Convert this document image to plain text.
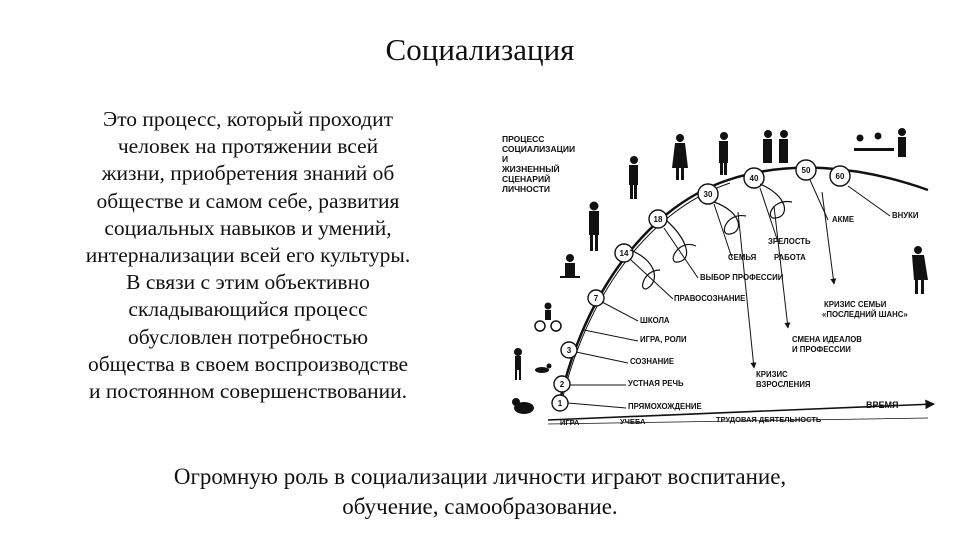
Социализация
Это процесс, который проходит
человек на протяжении всей
жизни, приобретения знаний об
обществе и самом себе, развития
социальных навыков и умений,
интернализации всей его культуры.
В связи с этим объективно
складывающийся процесс
обусловлен потребностью
общества в своем воспроизводстве
и постоянном совершенствовании.
ПРОЦЕСС
СОЦИАЛИЗАЦИИ
И
ЖИЗНЕННЫЙ
СЦЕНАРИЙ
ЛИЧНОСТИ
ВРЕМЯ
ИГРА	УЧЕБА	ТРУДОВАЯ ДЕЯТЕЛЬНОСТЬ
1
2
3
7
14
18
30
40
50
60
ПРЯМОХОЖДЕНИЕ
УСТНАЯ РЕЧЬ
СОЗНАНИЕ
ИГРА, РОЛИ
ШКОЛА
ПРАВОСОЗНАНИЕ
ВЫБОР ПРОФЕССИИ
СЕМЬЯ РАБОТА
ЗРЕЛОСТЬ
АКМЕ	ВНУКИ
КРИЗИС СЕМЬИ
«ПОСЛЕДНИЙ ШАНС»
СМЕНА ИДЕАЛОВ
И ПРОФЕССИИ
КРИЗИС
ВЗРОСЛЕНИЯ
Огромную роль в социализации личности играют воспитание,
обучение, самообразование.
